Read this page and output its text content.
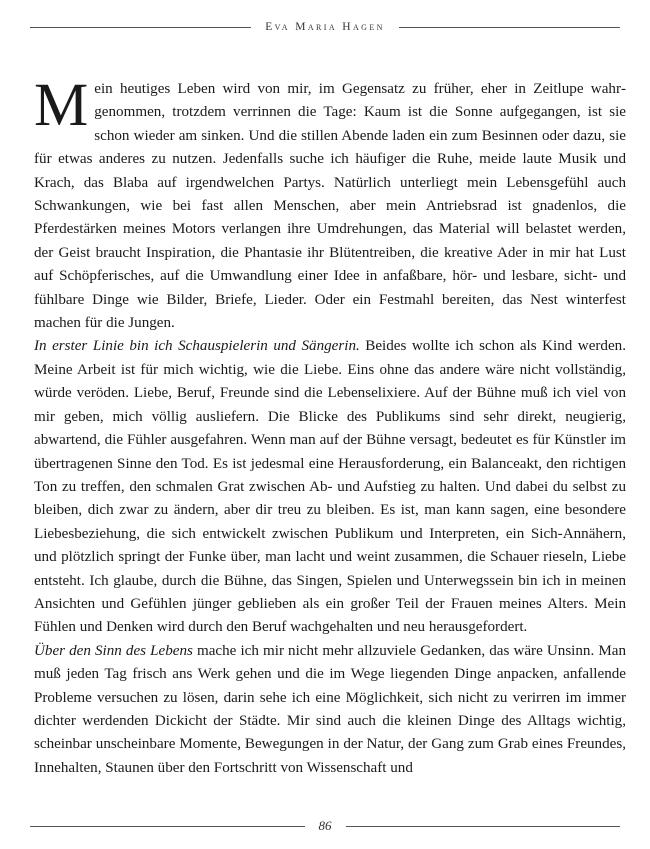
Eva Maria Hagen

Mein heutiges Leben wird von mir, im Gegensatz zu früher, eher in Zeitlupe wahrgenommen, trotzdem verrinnen die Tage: Kaum ist die Sonne aufgegangen, ist sie schon wieder am sinken. Und die stillen Abende laden ein zum Besinnen oder dazu, sie für etwas anderes zu nutzen. Jedenfalls suche ich häufiger die Ruhe, meide laute Musik und Krach, das Blaba auf irgendwelchen Partys. Natürlich unterliegt mein Lebensgefühl auch Schwankungen, wie bei fast allen Menschen, aber mein Antriebsrad ist gnadenlos, die Pferdestärken meines Motors verlangen ihre Umdrehungen, das Material will belastet werden, der Geist braucht Inspiration, die Phantasie ihr Blütentreiben, die kreative Ader in mir hat Lust auf Schöpferisches, auf die Umwandlung einer Idee in anfaßbare, hör- und lesbare, sicht- und fühlbare Dinge wie Bilder, Briefe, Lieder. Oder ein Festmahl bereiten, das Nest winterfest machen für die Jungen.

In erster Linie bin ich Schauspielerin und Sängerin. Beides wollte ich schon als Kind werden. Meine Arbeit ist für mich wichtig, wie die Liebe. Eins ohne das andere wäre nicht vollständig, würde veröden. Liebe, Beruf, Freunde sind die Lebenselixiere. Auf der Bühne muß ich viel von mir geben, mich völlig ausliefern. Die Blicke des Publikums sind sehr direkt, neugierig, abwartend, die Fühler ausgefahren. Wenn man auf der Bühne versagt, bedeutet es für Künstler im übertragenen Sinne den Tod. Es ist jedesmal eine Herausforderung, ein Balanceakt, den richtigen Ton zu treffen, den schmalen Grat zwischen Ab- und Aufstieg zu halten. Und dabei du selbst zu bleiben, dich zwar zu ändern, aber dir treu zu bleiben. Es ist, man kann sagen, eine besondere Liebesbeziehung, die sich entwickelt zwischen Publikum und Interpreten, ein Sich-Annähern, und plötzlich springt der Funke über, man lacht und weint zusammen, die Schauer rieseln, Liebe entsteht. Ich glaube, durch die Bühne, das Singen, Spielen und Unterwegssein bin ich in meinen Ansichten und Gefühlen jünger geblieben als ein großer Teil der Frauen meines Alters. Mein Fühlen und Denken wird durch den Beruf wachgehalten und neu herausgefordert.

Über den Sinn des Lebens mache ich mir nicht mehr allzuviele Gedanken, das wäre Unsinn. Man muß jeden Tag frisch ans Werk gehen und die im Wege liegenden Dinge anpacken, anfallende Probleme versuchen zu lösen, darin sehe ich eine Möglichkeit, sich nicht zu verirren im immer dichter werdenden Dickicht der Städte. Mir sind auch die kleinen Dinge des Alltags wichtig, scheinbar unscheinbare Momente, Bewegungen in der Natur, der Gang zum Grab eines Freundes, Innehalten, Staunen über den Fortschritt von Wissenschaft und

86
